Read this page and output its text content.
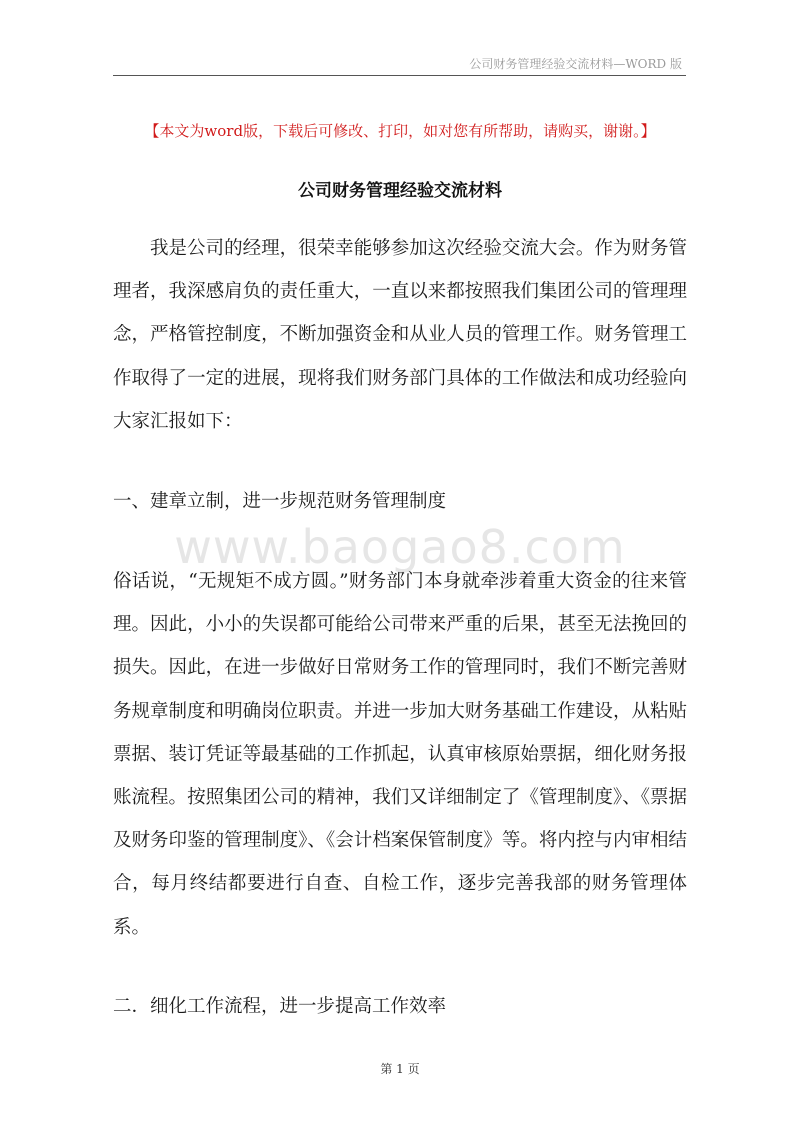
公司财务管理经验交流材料—WORD 版
【本文为word版，下载后可修改、打印，如对您有所帮助，请购买，谢谢。】
公司财务管理经验交流材料

我是公司的经理，很荣幸能够参加这次经验交流大会。作为财务管理者，我深感肩负的责任重大，一直以来都按照我们集团公司的管理理念，严格管控制度，不断加强资金和从业人员的管理工作。财务管理工作取得了一定的进展，现将我们财务部门具体的工作做法和成功经验向大家汇报如下：

一、建章立制，进一步规范财务管理制度

www.baogao8.com

俗话说，“无规矩不成方圆。”财务部门本身就牵涉着重大资金的往来管理。因此，小小的失误都可能给公司带来严重的后果，甚至无法挽回的损失。因此，在进一步做好日常财务工作的管理同时，我们不断完善财务规章制度和明确岗位职责。并进一步加大财务基础工作建设，从粘贴票据、装订凭证等最基础的工作抓起，认真审核原始票据，细化财务报账流程。按照集团公司的精神，我们又详细制定了《管理制度》、《票据及财务印鉴的管理制度》、《会计档案保管制度》等。将内控与内审相结合，每月终结都要进行自查、自检工作，逐步完善我部的财务管理体系。

二．细化工作流程，进一步提高工作效率

第 1 页
